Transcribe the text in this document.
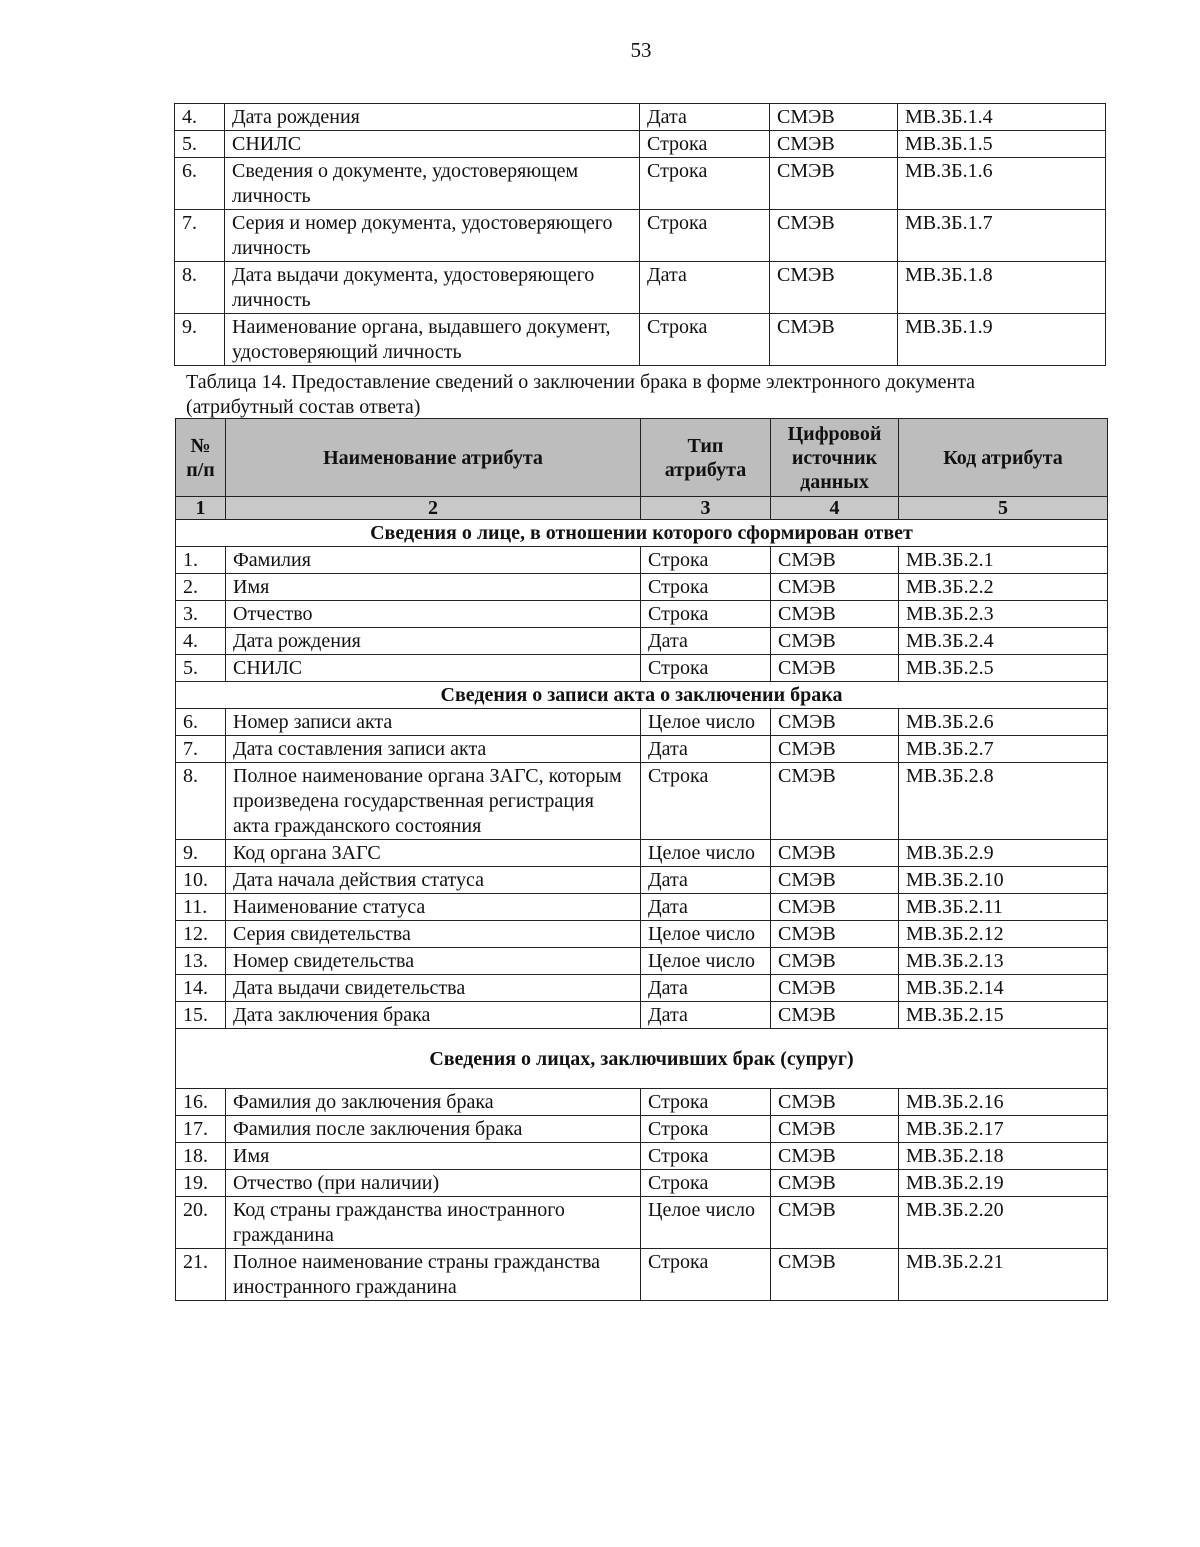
53
4.	Дата рождения	Дата	СМЭВ	МВ.ЗБ.1.4
5.	СНИЛС	Строка	СМЭВ	МВ.ЗБ.1.5
6.	Сведения о документе, удостоверяющем личность	Строка	СМЭВ	МВ.ЗБ.1.6
7.	Серия и номер документа, удостоверяющего личность	Строка	СМЭВ	МВ.ЗБ.1.7
8.	Дата выдачи документа, удостоверяющего личность	Дата	СМЭВ	МВ.ЗБ.1.8
9.	Наименование органа, выдавшего документ, удостоверяющий личность	Строка	СМЭВ	МВ.ЗБ.1.9
Таблица 14. Предоставление сведений о заключении брака в форме электронного документа (атрибутный состав ответа)
№ п/п	Наименование атрибута	Тип атрибута	Цифровой источник данных	Код атрибута
1	2	3	4	5
Сведения о лице, в отношении которого сформирован ответ				
1.	Фамилия	Строка	СМЭВ	МВ.ЗБ.2.1
2.	Имя	Строка	СМЭВ	МВ.ЗБ.2.2
3.	Отчество	Строка	СМЭВ	МВ.ЗБ.2.3
4.	Дата рождения	Дата	СМЭВ	МВ.ЗБ.2.4
5.	СНИЛС	Строка	СМЭВ	МВ.ЗБ.2.5
Сведения о записи акта о заключении брака				
6.	Номер записи акта	Целое число	СМЭВ	МВ.ЗБ.2.6
7.	Дата составления записи акта	Дата	СМЭВ	МВ.ЗБ.2.7
8.	Полное наименование органа ЗАГС, которым произведена государственная регистрация акта гражданского состояния	Строка	СМЭВ	МВ.ЗБ.2.8
9.	Код органа ЗАГС	Целое число	СМЭВ	МВ.ЗБ.2.9
10.	Дата начала действия статуса	Дата	СМЭВ	МВ.ЗБ.2.10
11.	Наименование статуса	Дата	СМЭВ	МВ.ЗБ.2.11
12.	Серия свидетельства	Целое число	СМЭВ	МВ.ЗБ.2.12
13.	Номер свидетельства	Целое число	СМЭВ	МВ.ЗБ.2.13
14.	Дата выдачи свидетельства	Дата	СМЭВ	МВ.ЗБ.2.14
15.	Дата заключения брака	Дата	СМЭВ	МВ.ЗБ.2.15
Сведения о лицах, заключивших брак (супруг)				
16.	Фамилия до заключения брака	Строка	СМЭВ	МВ.ЗБ.2.16
17.	Фамилия после заключения брака	Строка	СМЭВ	МВ.ЗБ.2.17
18.	Имя	Строка	СМЭВ	МВ.ЗБ.2.18
19.	Отчество (при наличии)	Строка	СМЭВ	МВ.ЗБ.2.19
20.	Код страны гражданства иностранного гражданина	Целое число	СМЭВ	МВ.ЗБ.2.20
21.	Полное наименование страны гражданства иностранного гражданина	Строка	СМЭВ	МВ.ЗБ.2.21
